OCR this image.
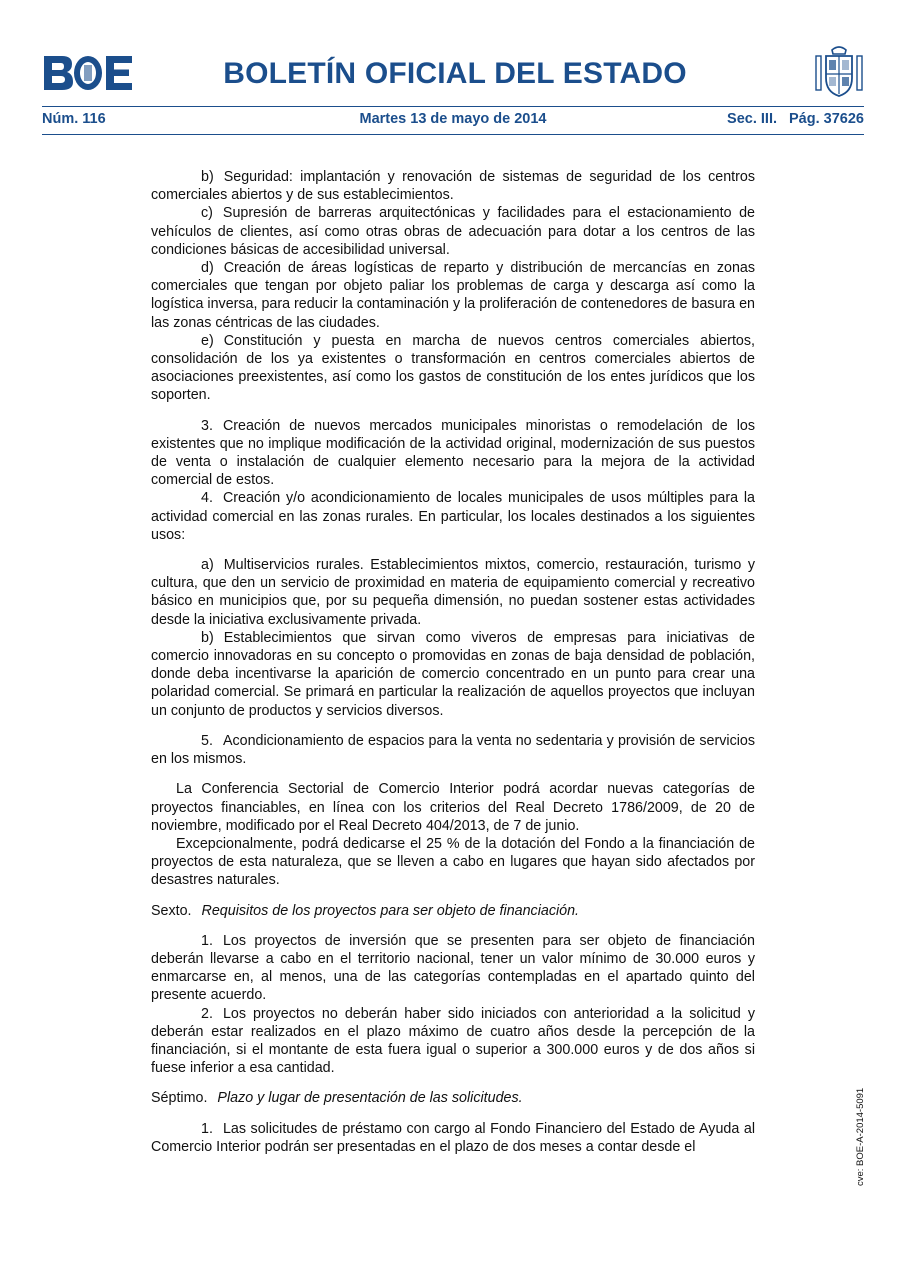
BOLETÍN OFICIAL DEL ESTADO
Núm. 116	Martes 13 de mayo de 2014	Sec. III. Pág. 37626

b) Seguridad: implantación y renovación de sistemas de seguridad de los centros comerciales abiertos y de sus establecimientos.

c) Supresión de barreras arquitectónicas y facilidades para el estacionamiento de vehículos de clientes, así como otras obras de adecuación para dotar a los centros de las condiciones básicas de accesibilidad universal.

d) Creación de áreas logísticas de reparto y distribución de mercancías en zonas comerciales que tengan por objeto paliar los problemas de carga y descarga así como la logística inversa, para reducir la contaminación y la proliferación de contenedores de basura en las zonas céntricas de las ciudades.

e) Constitución y puesta en marcha de nuevos centros comerciales abiertos, consolidación de los ya existentes o transformación en centros comerciales abiertos de asociaciones preexistentes, así como los gastos de constitución de los entes jurídicos que los soporten.

3. Creación de nuevos mercados municipales minoristas o remodelación de los existentes que no implique modificación de la actividad original, modernización de sus puestos de venta o instalación de cualquier elemento necesario para la mejora de la actividad comercial de estos.

4. Creación y/o acondicionamiento de locales municipales de usos múltiples para la actividad comercial en las zonas rurales. En particular, los locales destinados a los siguientes usos:

a) Multiservicios rurales. Establecimientos mixtos, comercio, restauración, turismo y cultura, que den un servicio de proximidad en materia de equipamiento comercial y recreativo básico en municipios que, por su pequeña dimensión, no puedan sostener estas actividades desde la iniciativa exclusivamente privada.

b) Establecimientos que sirvan como viveros de empresas para iniciativas de comercio innovadoras en su concepto o promovidas en zonas de baja densidad de población, donde deba incentivarse la aparición de comercio concentrado en un punto para crear una polaridad comercial. Se primará en particular la realización de aquellos proyectos que incluyan un conjunto de productos y servicios diversos.

5. Acondicionamiento de espacios para la venta no sedentaria y provisión de servicios en los mismos.

La Conferencia Sectorial de Comercio Interior podrá acordar nuevas categorías de proyectos financiables, en línea con los criterios del Real Decreto 1786/2009, de 20 de noviembre, modificado por el Real Decreto 404/2013, de 7 de junio.

Excepcionalmente, podrá dedicarse el 25 % de la dotación del Fondo a la financiación de proyectos de esta naturaleza, que se lleven a cabo en lugares que hayan sido afectados por desastres naturales.

Sexto. Requisitos de los proyectos para ser objeto de financiación.

1. Los proyectos de inversión que se presenten para ser objeto de financiación deberán llevarse a cabo en el territorio nacional, tener un valor mínimo de 30.000 euros y enmarcarse en, al menos, una de las categorías contempladas en el apartado quinto del presente acuerdo.

2. Los proyectos no deberán haber sido iniciados con anterioridad a la solicitud y deberán estar realizados en el plazo máximo de cuatro años desde la percepción de la financiación, si el montante de esta fuera igual o superior a 300.000 euros y de dos años si fuese inferior a esa cantidad.

Séptimo. Plazo y lugar de presentación de las solicitudes.

1. Las solicitudes de préstamo con cargo al Fondo Financiero del Estado de Ayuda al Comercio Interior podrán ser presentadas en el plazo de dos meses a contar desde el	cve: BOE-A-2014-5091
